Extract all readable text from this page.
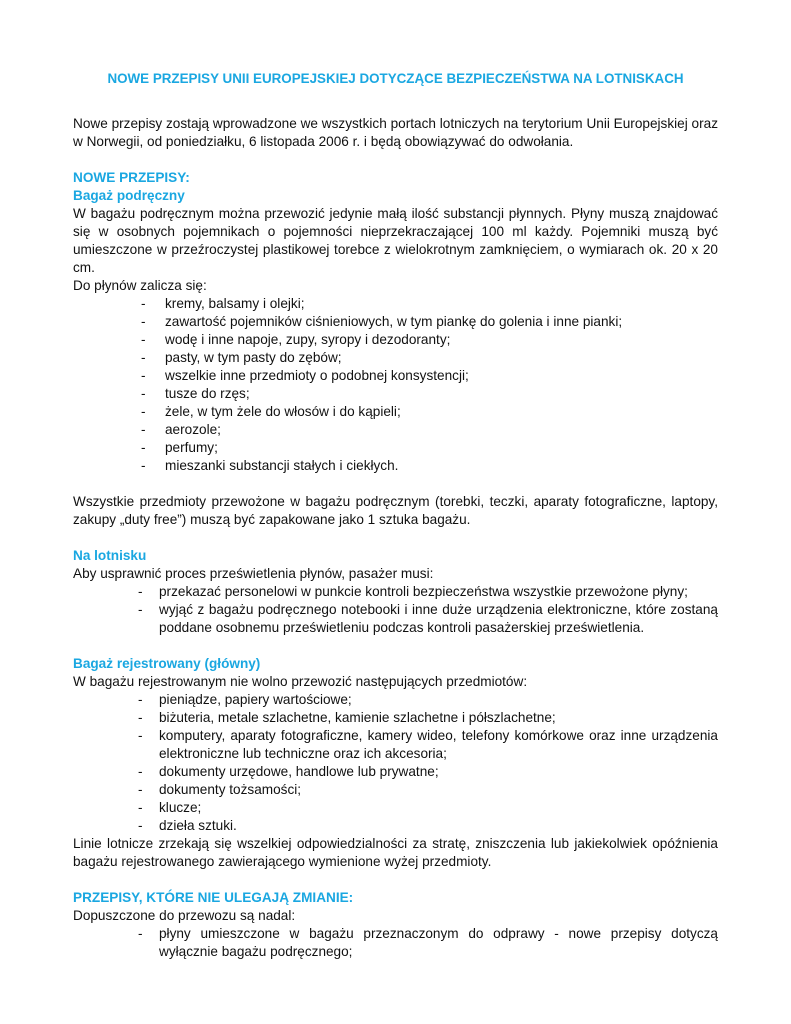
NOWE PRZEPISY UNII EUROPEJSKIEJ DOTYCZĄCE BEZPIECZEŃSTWA NA LOTNISKACH

Nowe przepisy zostają wprowadzone we wszystkich portach lotniczych na terytorium Unii Europejskiej oraz w Norwegii, od poniedziałku, 6 listopada 2006 r. i będą obowiązywać do odwołania.

NOWE PRZEPISY:

Bagaż podręczny

W bagażu podręcznym można przewozić jedynie małą ilość substancji płynnych. Płyny muszą znajdować się w osobnych pojemnikach o pojemności nieprzekraczającej 100 ml każdy. Pojemniki muszą być umieszczone w przeźroczystej plastikowej torebce z wielokrotnym zamknięciem, o wymiarach ok. 20 x 20 cm.

Do płynów zalicza się:

- kremy, balsamy i olejki;
- zawartość pojemników ciśnieniowych, w tym piankę do golenia i inne pianki;
- wodę i inne napoje, zupy, syropy i dezodoranty;
- pasty, w tym pasty do zębów;
- wszelkie inne przedmioty o podobnej konsystencji;
- tusze do rzęs;
- żele, w tym żele do włosów i do kąpieli;
- aerozole;
- perfumy;
- mieszanki substancji stałych i ciekłych.

Wszystkie przedmioty przewożone w bagażu podręcznym (torebki, teczki, aparaty fotograficzne, laptopy, zakupy „duty free”) muszą być zapakowane jako 1 sztuka bagażu.

Na lotnisku

Aby usprawnić proces prześwietlenia płynów, pasażer musi:

- przekazać personelowi w punkcie kontroli bezpieczeństwa wszystkie przewożone płyny;
- wyjąć z bagażu podręcznego notebooki i inne duże urządzenia elektroniczne, które zostaną poddane osobnemu prześwietleniu podczas kontroli pasażerskiej prześwietlenia.

Bagaż rejestrowany (główny)

W bagażu rejestrowanym nie wolno przewozić następujących przedmiotów:

- pieniądze, papiery wartościowe;
- biżuteria, metale szlachetne, kamienie szlachetne i półszlachetne;
- komputery, aparaty fotograficzne, kamery wideo, telefony komórkowe oraz inne urządzenia elektroniczne lub techniczne oraz ich akcesoria;
- dokumenty urzędowe, handlowe lub prywatne;
- dokumenty tożsamości;
- klucze;
- dzieła sztuki.

Linie lotnicze zrzekają się wszelkiej odpowiedzialności za stratę, zniszczenia lub jakiekolwiek opóźnienia bagażu rejestrowanego zawierającego wymienione wyżej przedmioty.

PRZEPISY, KTÓRE NIE ULEGAJĄ ZMIANIE:

Dopuszczone do przewozu są nadal:

- płyny umieszczone w bagażu przeznaczonym do odprawy - nowe przepisy dotyczą wyłącznie bagażu podręcznego;
